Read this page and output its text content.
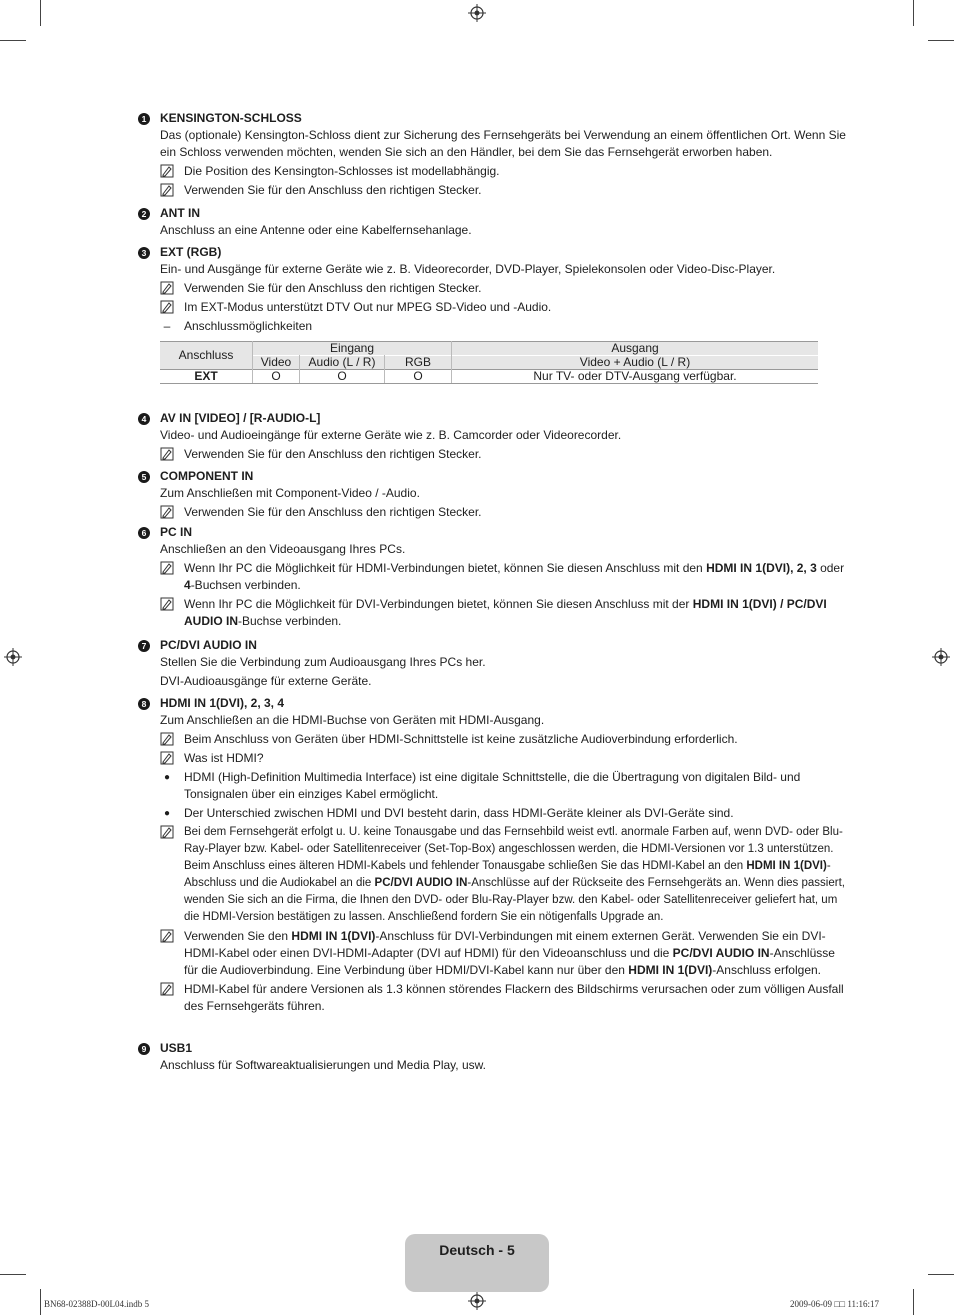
1	KENSINGTON-SCHLOSS
Das (optionale) Kensington-Schloss dient zur Sicherung des Fernsehgeräts bei Verwendung an einem öffentlichen Ort. Wenn Sie ein Schloss verwenden möchten, wenden Sie sich an den Händler, bei dem Sie das Fernsehgerät erworben haben.
Die Position des Kensington-Schlosses ist modellabhängig.
Verwenden Sie für den Anschluss den richtigen Stecker.
2	ANT IN
Anschluss an eine Antenne oder eine Kabelfernsehanlage.
3	EXT (RGB)
Ein- und Ausgänge für externe Geräte wie z. B. Videorecorder, DVD-Player, Spielekonsolen oder Video-Disc-Player.
Verwenden Sie für den Anschluss den richtigen Stecker.
Im EXT-Modus unterstützt DTV Out nur MPEG SD-Video und -Audio.
–	Anschlussmöglichkeiten
Anschluss	Eingang			Ausgang
	Video	Audio (L / R)	RGB	Video + Audio (L / R)
EXT	O	O	O	Nur TV- oder DTV-Ausgang verfügbar.
4	AV IN [VIDEO] / [R-AUDIO-L]
Video- und Audioeingänge für externe Geräte wie z. B. Camcorder oder Videorecorder.
Verwenden Sie für den Anschluss den richtigen Stecker.
5	COMPONENT IN
Zum Anschließen mit Component-Video / -Audio.
Verwenden Sie für den Anschluss den richtigen Stecker.
6	PC IN
Anschließen an den Videoausgang Ihres PCs.
Wenn Ihr PC die Möglichkeit für HDMI-Verbindungen bietet, können Sie diesen Anschluss mit den HDMI IN 1(DVI), 2, 3 oder 4-Buchsen verbinden.
Wenn Ihr PC die Möglichkeit für DVI-Verbindungen bietet, können Sie diesen Anschluss mit der HDMI IN 1(DVI) / PC/DVI AUDIO IN-Buchse verbinden.
7	PC/DVI AUDIO IN
Stellen Sie die Verbindung zum Audioausgang Ihres PCs her.
DVI-Audioausgänge für externe Geräte.
8	HDMI IN 1(DVI), 2, 3, 4
Zum Anschließen an die HDMI-Buchse von Geräten mit HDMI-Ausgang.
Beim Anschluss von Geräten über HDMI-Schnittstelle ist keine zusätzliche Audioverbindung erforderlich.
Was ist HDMI?
●	HDMI (High-Definition Multimedia Interface) ist eine digitale Schnittstelle, die die Übertragung von digitalen Bild- und Tonsignalen über ein einziges Kabel ermöglicht.
●	Der Unterschied zwischen HDMI und DVI besteht darin, dass HDMI-Geräte kleiner als DVI-Geräte sind.
Bei dem Fernsehgerät erfolgt u. U. keine Tonausgabe und das Fernsehbild weist evtl. anormale Farben auf, wenn DVD- oder Blu-Ray-Player bzw. Kabel- oder Satellitenreceiver (Set-Top-Box) angeschlossen werden, die HDMI-Versionen vor 1.3 unterstützen. Beim Anschluss eines älteren HDMI-Kabels und fehlender Tonausgabe schließen Sie das HDMI-Kabel an den HDMI IN 1(DVI)-Abschluss und die Audiokabel an die PC/DVI AUDIO IN-Anschlüsse auf der Rückseite des Fernsehgeräts an. Wenn dies passiert, wenden Sie sich an die Firma, die Ihnen den DVD- oder Blu-Ray-Player bzw. den Kabel- oder Satellitenreceiver geliefert hat, um die HDMI-Version bestätigen zu lassen. Anschließend fordern Sie ein nötigenfalls Upgrade an.
Verwenden Sie den HDMI IN 1(DVI)-Anschluss für DVI-Verbindungen mit einem externen Gerät. Verwenden Sie ein DVI-HDMI-Kabel oder einen DVI-HDMI-Adapter (DVI auf HDMI) für den Videoanschluss und die PC/DVI AUDIO IN-Anschlüsse für die Audioverbindung. Eine Verbindung über HDMI/DVI-Kabel kann nur über den HDMI IN 1(DVI)-Anschluss erfolgen.
HDMI-Kabel für andere Versionen als 1.3 können störendes Flackern des Bildschirms verursachen oder zum völligen Ausfall des Fernsehgeräts führen.
9	USB1
Anschluss für Softwareaktualisierungen und Media Play, usw.
Deutsch - 5
BN68-02388D-00L04.indb 5	2009-06-09 □□ 11:16:17
